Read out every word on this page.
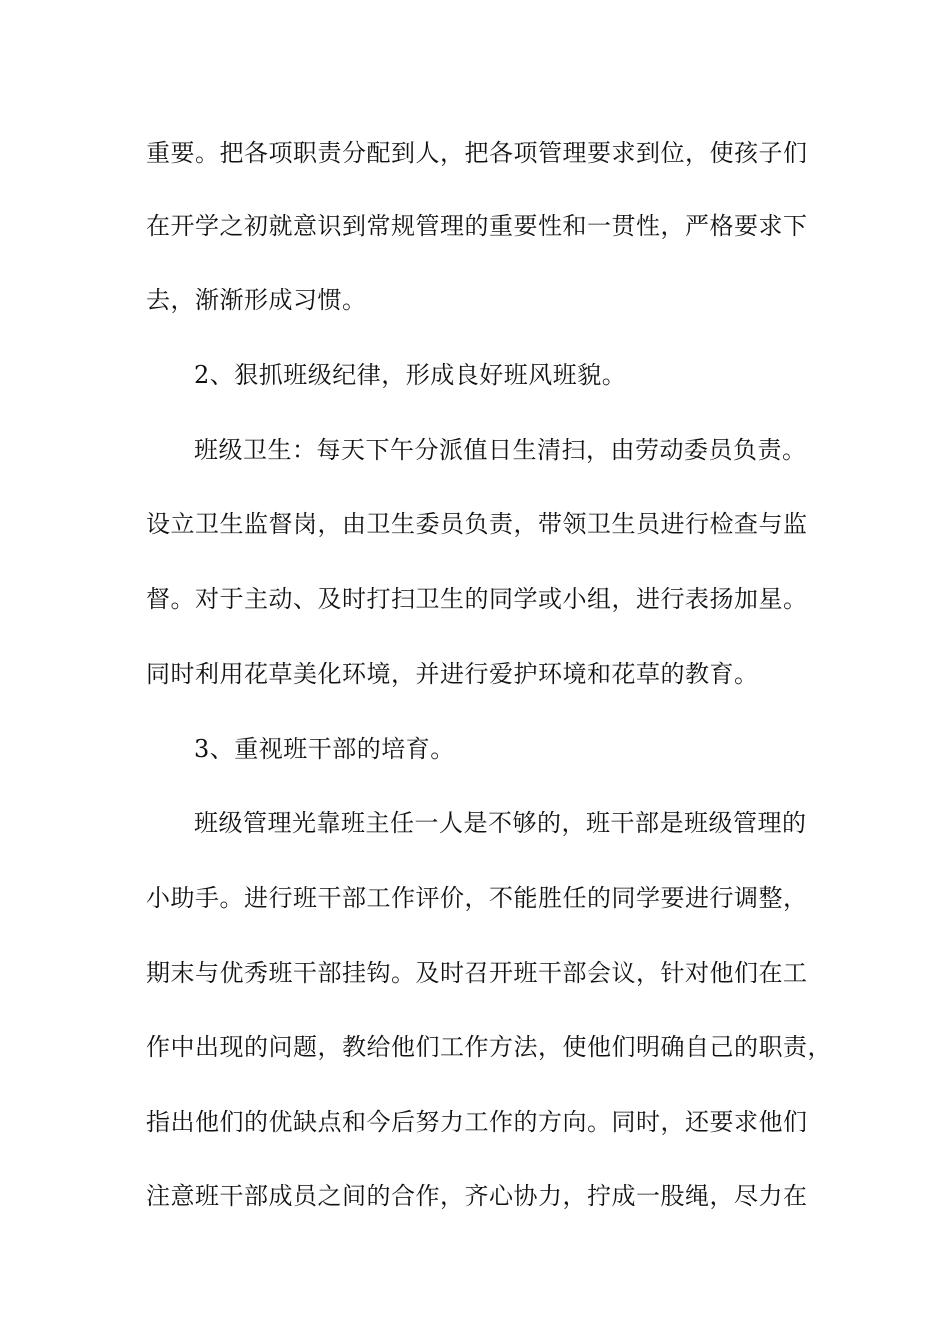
重要。把各项职责分配到人，把各项管理要求到位，使孩子们
在开学之初就意识到常规管理的重要性和一贯性，严格要求下
去，渐渐形成习惯。
2、狠抓班级纪律，形成良好班风班貌。
班级卫生：每天下午分派值日生清扫，由劳动委员负责。
设立卫生监督岗，由卫生委员负责，带领卫生员进行检查与监
督。对于主动、及时打扫卫生的同学或小组，进行表扬加星。
同时利用花草美化环境，并进行爱护环境和花草的教育。
3、重视班干部的培育。
班级管理光靠班主任一人是不够的，班干部是班级管理的
小助手。进行班干部工作评价，不能胜任的同学要进行调整，
期末与优秀班干部挂钩。及时召开班干部会议，针对他们在工
作中出现的问题，教给他们工作方法，使他们明确自己的职责，
指出他们的优缺点和今后努力工作的方向。同时，还要求他们
注意班干部成员之间的合作，齐心协力，拧成一股绳，尽力在
